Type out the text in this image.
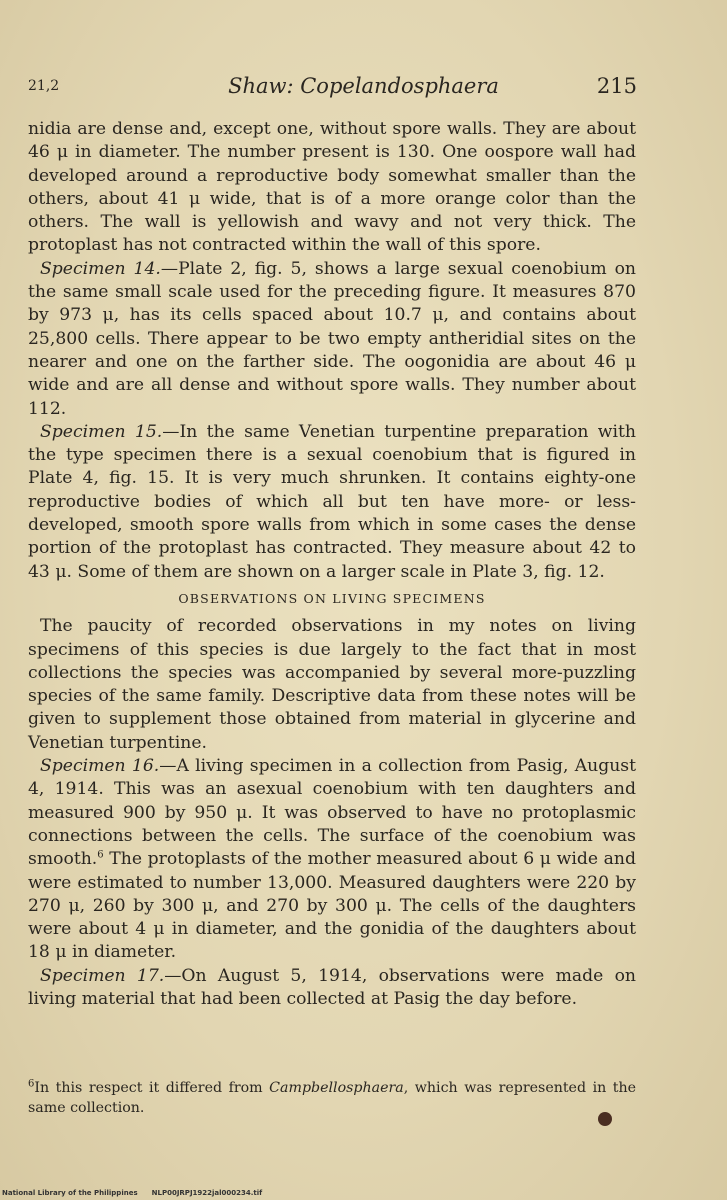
21,2	Shaw: Copelandosphaera	215

nidia are dense and, except one, without spore walls. They are about 46 μ in diameter. The number present is 130. One oospore wall had developed around a reproductive body somewhat smaller than the others, about 41 μ wide, that is of a more orange color than the others. The wall is yellowish and wavy and not very thick. The protoplast has not contracted within the wall of this spore.

Specimen 14.—Plate 2, fig. 5, shows a large sexual coenobium on the same small scale used for the preceding figure. It measures 870 by 973 μ, has its cells spaced about 10.7 μ, and contains about 25,800 cells. There appear to be two empty antheridial sites on the nearer and one on the farther side. The oogonidia are about 46 μ wide and are all dense and without spore walls. They number about 112.

Specimen 15.—In the same Venetian turpentine preparation with the type specimen there is a sexual coenobium that is figured in Plate 4, fig. 15. It is very much shrunken. It contains eighty-one reproductive bodies of which all but ten have more- or less-developed, smooth spore walls from which in some cases the dense portion of the protoplast has contracted. They measure about 42 to 43 μ. Some of them are shown on a larger scale in Plate 3, fig. 12.

OBSERVATIONS ON LIVING SPECIMENS

The paucity of recorded observations in my notes on living specimens of this species is due largely to the fact that in most collections the species was accompanied by several more-puzzling species of the same family. Descriptive data from these notes will be given to supplement those obtained from material in glycerine and Venetian turpentine.

Specimen 16.—A living specimen in a collection from Pasig, August 4, 1914. This was an asexual coenobium with ten daughters and measured 900 by 950 μ. It was observed to have no protoplasmic connections between the cells. The surface of the coenobium was smooth.$^6$ The protoplasts of the mother measured about 6 μ wide and were estimated to number 13,000. Measured daughters were 220 by 270 μ, 260 by 300 μ, and 270 by 300 μ. The cells of the daughters were about 4 μ in diameter, and the gonidia of the daughters about 18 μ in diameter.

Specimen 17.—On August 5, 1914, observations were made on living material that had been collected at Pasig the day before.

$^6$In this respect it differed from Campbellosphaera, which was represented in the same collection.
National Library of the Philippines NLP00JRPJ1922jal000234.tif
